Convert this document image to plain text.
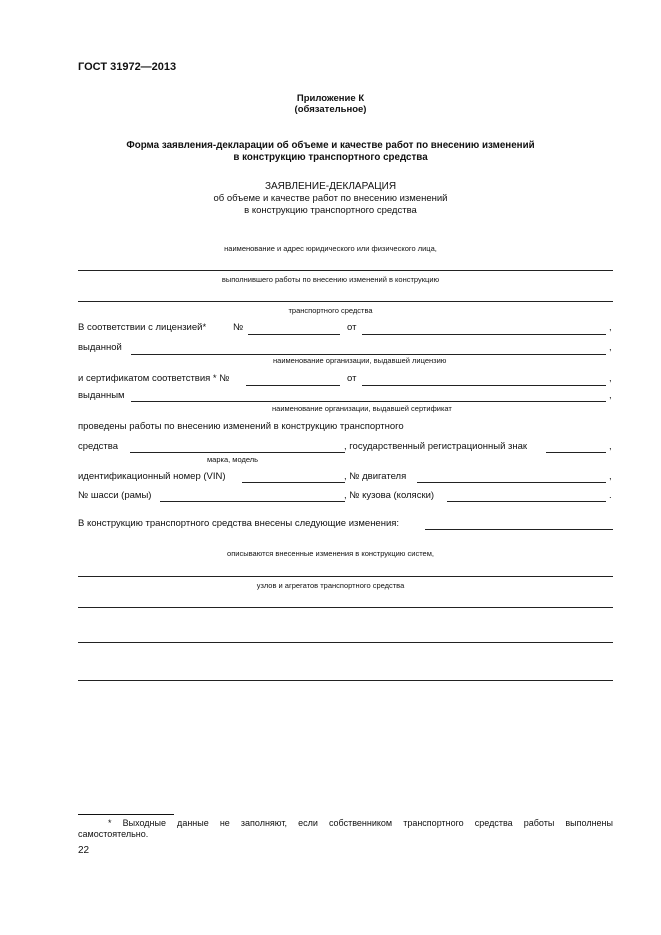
ГОСТ 31972—2013
Приложение К
(обязательное)
Форма заявления-декларации об объеме и качестве работ по внесению изменений
в конструкцию транспортного средства
ЗАЯВЛЕНИЕ-ДЕКЛАРАЦИЯ
об объеме и качестве работ по внесению изменений
в конструкцию транспортного средства
наименование и адрес юридического или физического лица,
выполнившего работы по внесению изменений в конструкцию
транспортного средства
В соответствии с лицензией*	№	от	,
выданной	,
наименование организации, выдавшей лицензию
и сертификатом соответствия * №	от	,
выданным	,
наименование организации, выдавшей сертификат
проведены работы по внесению изменений в конструкцию транспортного
средства	, государственный регистрационный знак	,
марка, модель
идентификационный номер (VIN)	, № двигателя	,
№ шасси (рамы)	, № кузова (коляски)	.
В конструкцию транспортного средства внесены следующие изменения:
описываются внесенные изменения в конструкцию систем,
узлов и агрегатов транспортного средства
* Выходные данные не заполняют, если собственником транспортного средства работы выполнены
самостоятельно.
22
